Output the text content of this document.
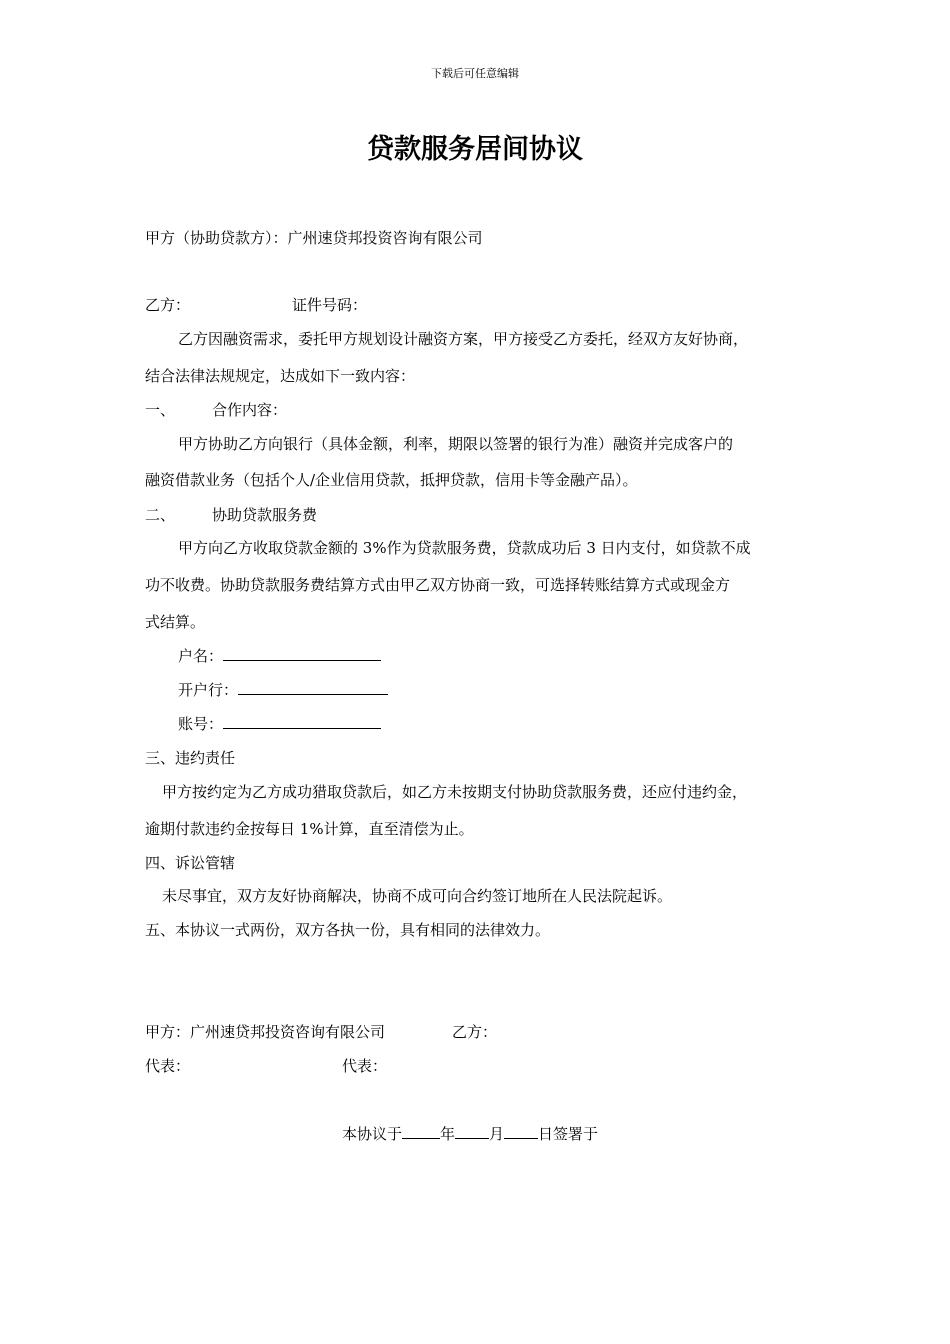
下载后可任意编辑
贷款服务居间协议
甲方（协助贷款方）：广州速贷邦投资咨询有限公司
乙方：	证件号码：
乙方因融资需求，委托甲方规划设计融资方案，甲方接受乙方委托，经双方友好协商，
结合法律法规规定，达成如下一致内容：
一、 合作内容：
甲方协助乙方向银行（具体金额，利率，期限以签署的银行为准）融资并完成客户的
融资借款业务（包括个人/企业信用贷款，抵押贷款，信用卡等金融产品）。
二、 协助贷款服务费
甲方向乙方收取贷款金额的 3%作为贷款服务费，贷款成功后 3 日内支付，如贷款不成
功不收费。协助贷款服务费结算方式由甲乙双方协商一致，可选择转账结算方式或现金方
式结算。
户名：
开户行：
账号：
三、违约责任
甲方按约定为乙方成功猎取贷款后，如乙方未按期支付协助贷款服务费，还应付违约金，
逾期付款违约金按每日 1%计算，直至清偿为止。
四、诉讼管辖
未尽事宜，双方友好协商解决，协商不成可向合约签订地所在人民法院起诉。
五、本协议一式两份，双方各执一份，具有相同的法律效力。
甲方：广州速贷邦投资咨询有限公司	乙方：
代表：	代表：
本协议于	年 月 日签署于
